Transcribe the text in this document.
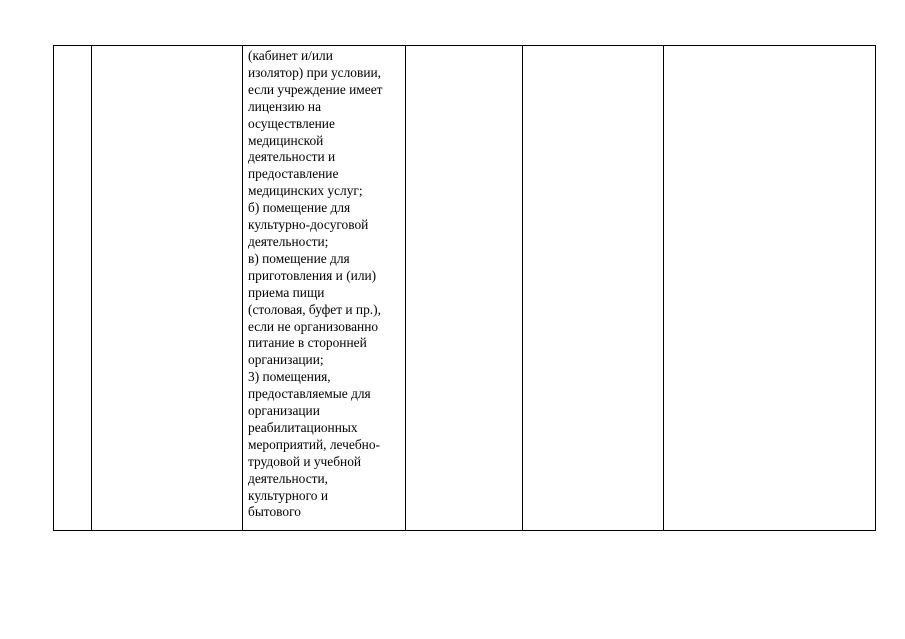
(кабинет и/или
изолятор) при условии,
если учреждение имеет
лицензию на
осуществление
медицинской
деятельности и
предоставление
медицинских услуг;
б) помещение для
культурно-досуговой
деятельности;
в) помещение для
приготовления и (или)
приема пищи
(столовая, буфет и пр.),
если не организованно
питание в сторонней
организации;
3) помещения,
предоставляемые для
организации
реабилитационных
мероприятий, лечебно-
трудовой и учебной
деятельности,
культурного и
бытового
